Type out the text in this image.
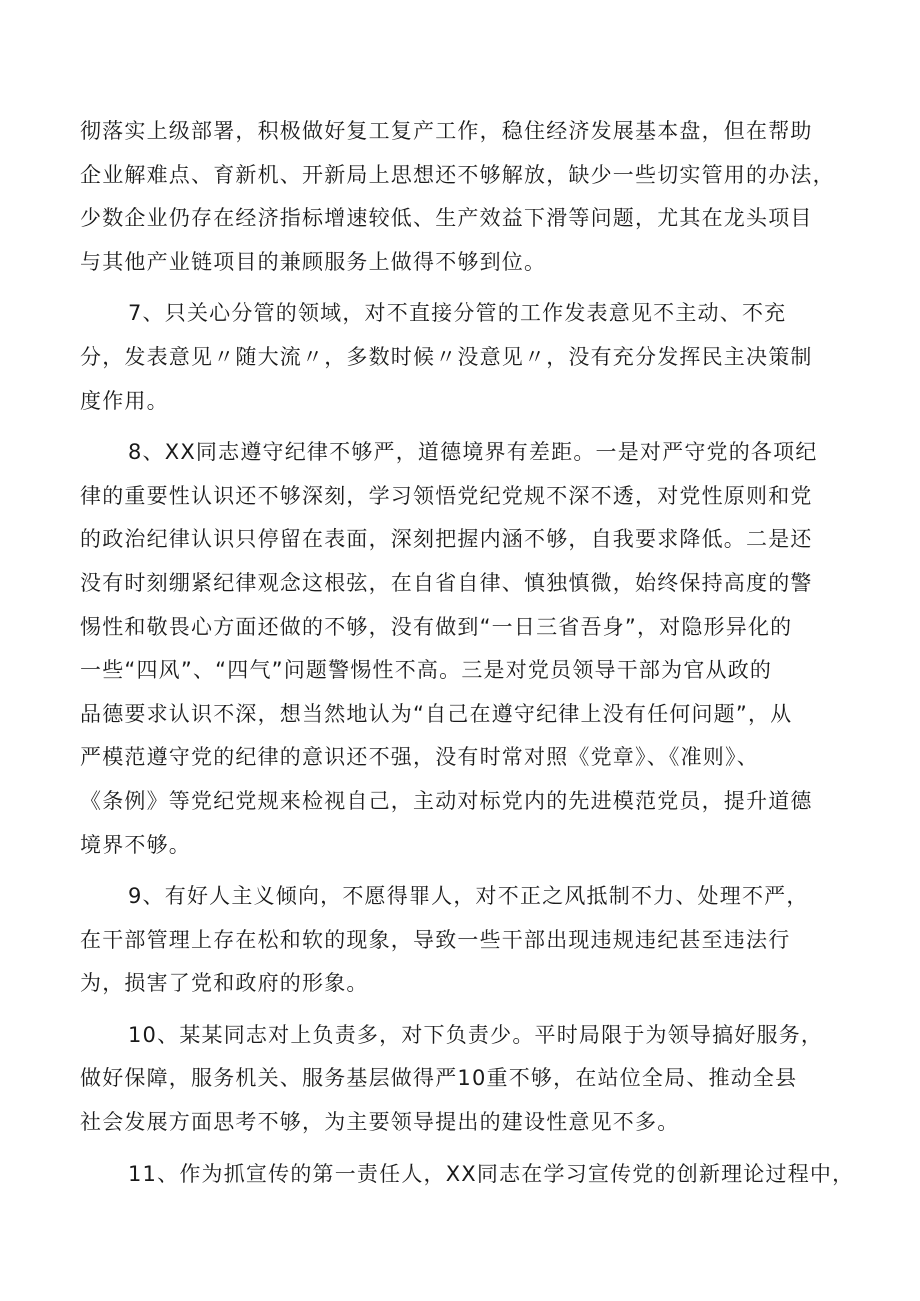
彻落实上级部署，积极做好复工复产工作，稳住经济发展基本盘，但在帮助
企业解难点、育新机、开新局上思想还不够解放，缺少一些切实管用的办法，
少数企业仍存在经济指标增速较低、生产效益下滑等问题，尤其在龙头项目
与其他产业链项目的兼顾服务上做得不够到位。
7、只关心分管的领域，对不直接分管的工作发表意见不主动、不充
分，发表意见〃随大流〃，多数时候〃没意见〃，没有充分发挥民主决策制
度作用。
8、XX同志遵守纪律不够严，道德境界有差距。一是对严守党的各项纪
律的重要性认识还不够深刻，学习领悟党纪党规不深不透，对党性原则和党
的政治纪律认识只停留在表面，深刻把握内涵不够，自我要求降低。二是还
没有时刻绷紧纪律观念这根弦，在自省自律、慎独慎微，始终保持高度的警
惕性和敬畏心方面还做的不够，没有做到“一日三省吾身”，对隐形异化的
一些“四风”、“四气”问题警惕性不高。三是对党员领导干部为官从政的
品德要求认识不深，想当然地认为“自己在遵守纪律上没有任何问题”，从
严模范遵守党的纪律的意识还不强，没有时常对照《党章》、《准则》、
《条例》等党纪党规来检视自己，主动对标党内的先进模范党员，提升道德
境界不够。
9、有好人主义倾向，不愿得罪人，对不正之风抵制不力、处理不严，
在干部管理上存在松和软的现象，导致一些干部出现违规违纪甚至违法行
为，损害了党和政府的形象。
10、某某同志对上负责多，对下负责少。平时局限于为领导搞好服务，
做好保障，服务机关、服务基层做得严10重不够，在站位全局、推动全县
社会发展方面思考不够，为主要领导提出的建设性意见不多。
11、作为抓宣传的第一责任人，XX同志在学习宣传党的创新理论过程中，
